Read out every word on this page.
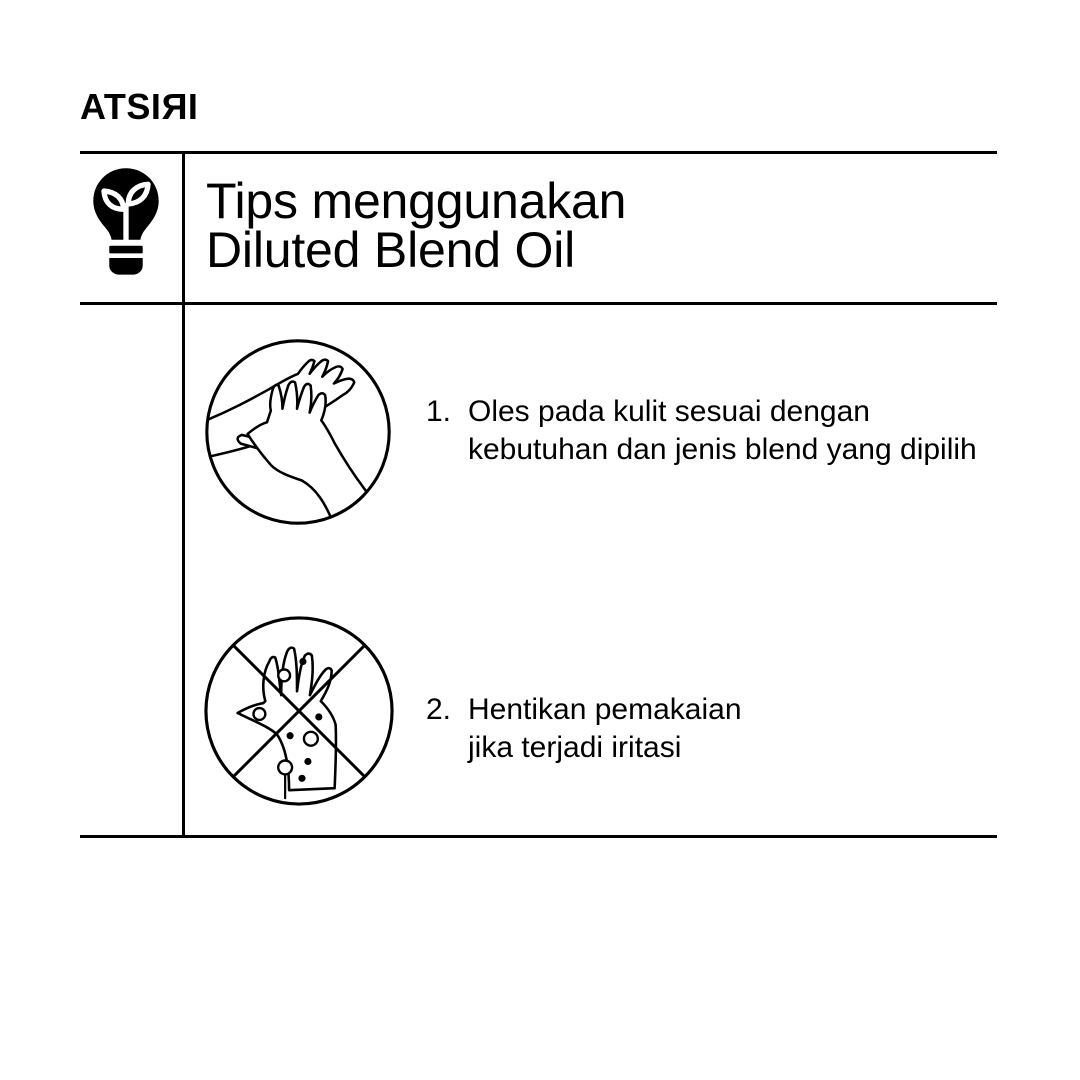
ATSIRI
Tips menggunakan
Diluted Blend Oil
1. Oles pada kulit sesuai dengan
kebutuhan dan jenis blend yang dipilih
2. Hentikan pemakaian
jika terjadi iritasi
